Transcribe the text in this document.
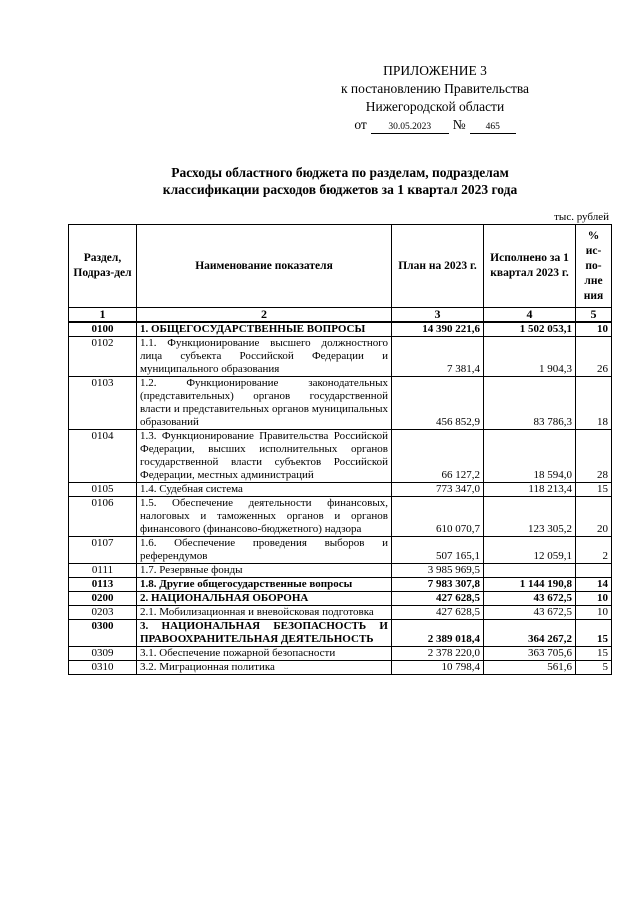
ПРИЛОЖЕНИЕ 3
к постановлению Правительства
Нижегородской области
от	30.05.2023	№	465
Расходы областного бюджета по разделам, подразделам
классификации расходов бюджетов за 1 квартал 2023 года
тыс. рублей
Раздел, Подраз-дел	Наименование показателя	План на 2023 г.	Исполнено за 1 квартал 2023 г.	% ис-по-лне ния
1	2	3	4	5
0100	1. ОБЩЕГОСУДАРСТВЕННЫЕ ВОПРОСЫ	14 390 221,6	1 502 053,1	10
0102	1.1. Функционирование высшего должностного лица субъекта Российской Федерации и муниципального образования	7 381,4	1 904,3	26
0103	1.2. Функционирование законодательных (представительных) органов государственной власти и представительных органов муниципальных образований	456 852,9	83 786,3	18
0104	1.3. Функционирование Правительства Российской Федерации, высших исполнительных органов государственной власти субъектов Российской Федерации, местных администраций	66 127,2	18 594,0	28
0105	1.4. Судебная система	773 347,0	118 213,4	15
0106	1.5. Обеспечение деятельности финансовых, налоговых и таможенных органов и органов финансового (финансово-бюджетного) надзора	610 070,7	123 305,2	20
0107	1.6. Обеспечение проведения выборов и референдумов	507 165,1	12 059,1	2
0111	1.7. Резервные фонды	3 985 969,5		
0113	1.8. Другие общегосударственные вопросы	7 983 307,8	1 144 190,8	14
0200	2. НАЦИОНАЛЬНАЯ ОБОРОНА	427 628,5	43 672,5	10
0203	2.1. Мобилизационная и вневойсковая подготовка	427 628,5	43 672,5	10
0300	3. НАЦИОНАЛЬНАЯ БЕЗОПАСНОСТЬ И ПРАВООХРАНИТЕЛЬНАЯ ДЕЯТЕЛЬНОСТЬ	2 389 018,4	364 267,2	15
0309	3.1. Обеспечение пожарной безопасности	2 378 220,0	363 705,6	15
0310	3.2. Миграционная политика	10 798,4	561,6	5
